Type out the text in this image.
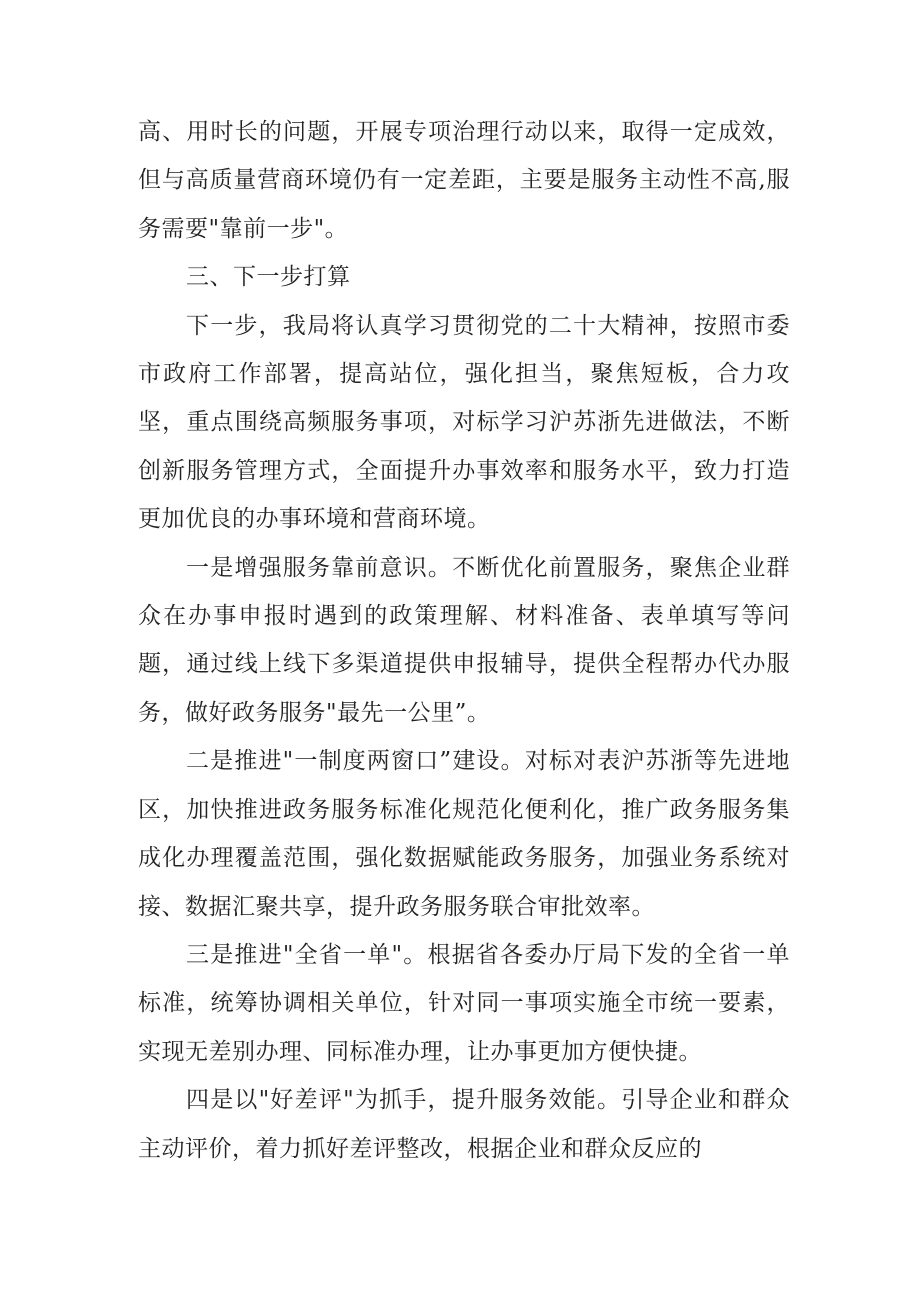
高、用时长的问题，开展专项治理行动以来，取得一定成效，但与高质量营商环境仍有一定差距，主要是服务主动性不高,服务需要"靠前一步"。

三、下一步打算

下一步，我局将认真学习贯彻党的二十大精神，按照市委市政府工作部署，提高站位，强化担当，聚焦短板，合力攻坚，重点围绕高频服务事项，对标学习沪苏浙先进做法，不断创新服务管理方式，全面提升办事效率和服务水平，致力打造更加优良的办事环境和营商环境。

一是增强服务靠前意识。不断优化前置服务，聚焦企业群众在办事申报时遇到的政策理解、材料准备、表单填写等问题，通过线上线下多渠道提供申报辅导，提供全程帮办代办服务，做好政务服务"最先一公里”。

二是推进"一制度两窗口”建设。对标对表沪苏浙等先进地区，加快推进政务服务标准化规范化便利化，推广政务服务集成化办理覆盖范围，强化数据赋能政务服务，加强业务系统对接、数据汇聚共享，提升政务服务联合审批效率。

三是推进"全省一单"。根据省各委办厅局下发的全省一单标准，统筹协调相关单位，针对同一事项实施全市统一要素，实现无差别办理、同标准办理，让办事更加方便快捷。

四是以"好差评"为抓手，提升服务效能。引导企业和群众主动评价，着力抓好差评整改，根据企业和群众反应的
